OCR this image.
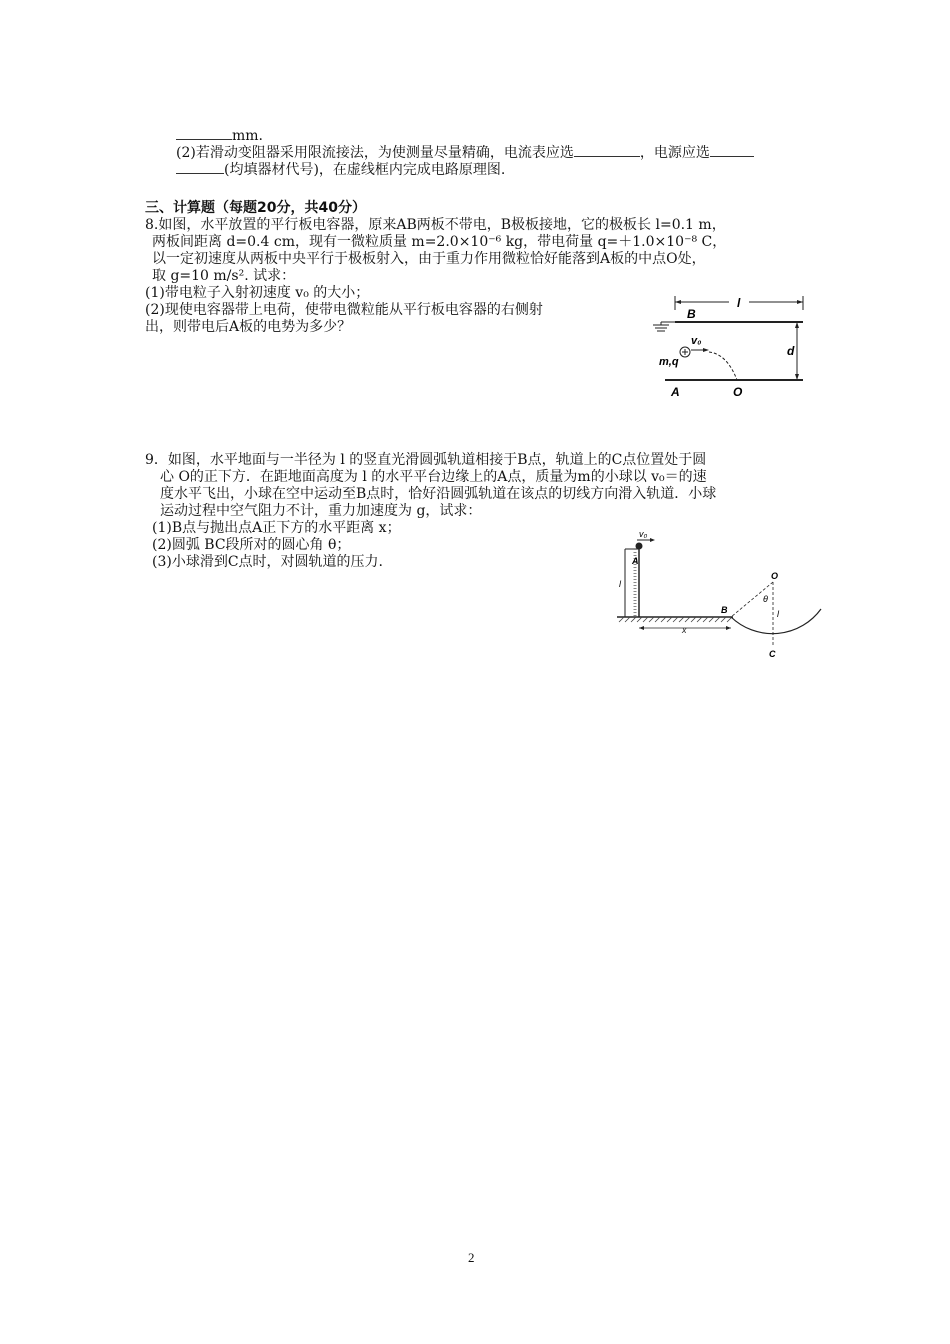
mm.
(2)若滑动变阻器采用限流接法，为使测量尽量精确，电流表应选	，电源应选
(均填器材代号)，在虚线框内完成电路原理图.
三、计算题（每题20分，共40分）
8.如图，水平放置的平行板电容器，原来AB两板不带电，B极板接地，它的极板长 l=0.1 m，
两板间距离 d=0.4 cm，现有一微粒质量 m=2.0×10⁻⁶ kg，带电荷量 q=＋1.0×10⁻⁸ C，
以一定初速度从两板中央平行于极板射入，由于重力作用微粒恰好能落到A板的中点O处，
取 g=10 m/s². 试求：
(1)带电粒子入射初速度 v₀ 的大小；
(2)现使电容器带上电荷，使带电微粒能从平行板电容器的右侧射
出，则带电后A板的电势为多少？
l
B
A	O
d
v₀
m,q
9．如图，水平地面与一半径为 l 的竖直光滑圆弧轨道相接于B点，轨道上的C点位置处于圆
心 O的正下方．在距地面高度为 l 的水平平台边缘上的A点，质量为m的小球以 v₀＝的速
度水平飞出，小球在空中运动至B点时，恰好沿圆弧轨道在该点的切线方向滑入轨道．小球
运动过程中空气阻力不计，重力加速度为 g，试求：
(1)B点与抛出点A正下方的水平距离 x；
(2)圆弧 BC段所对的圆心角 θ；
(3)小球滑到C点时，对圆轨道的压力.
v₀
A
l
x
B
O
θ
l
C
2
